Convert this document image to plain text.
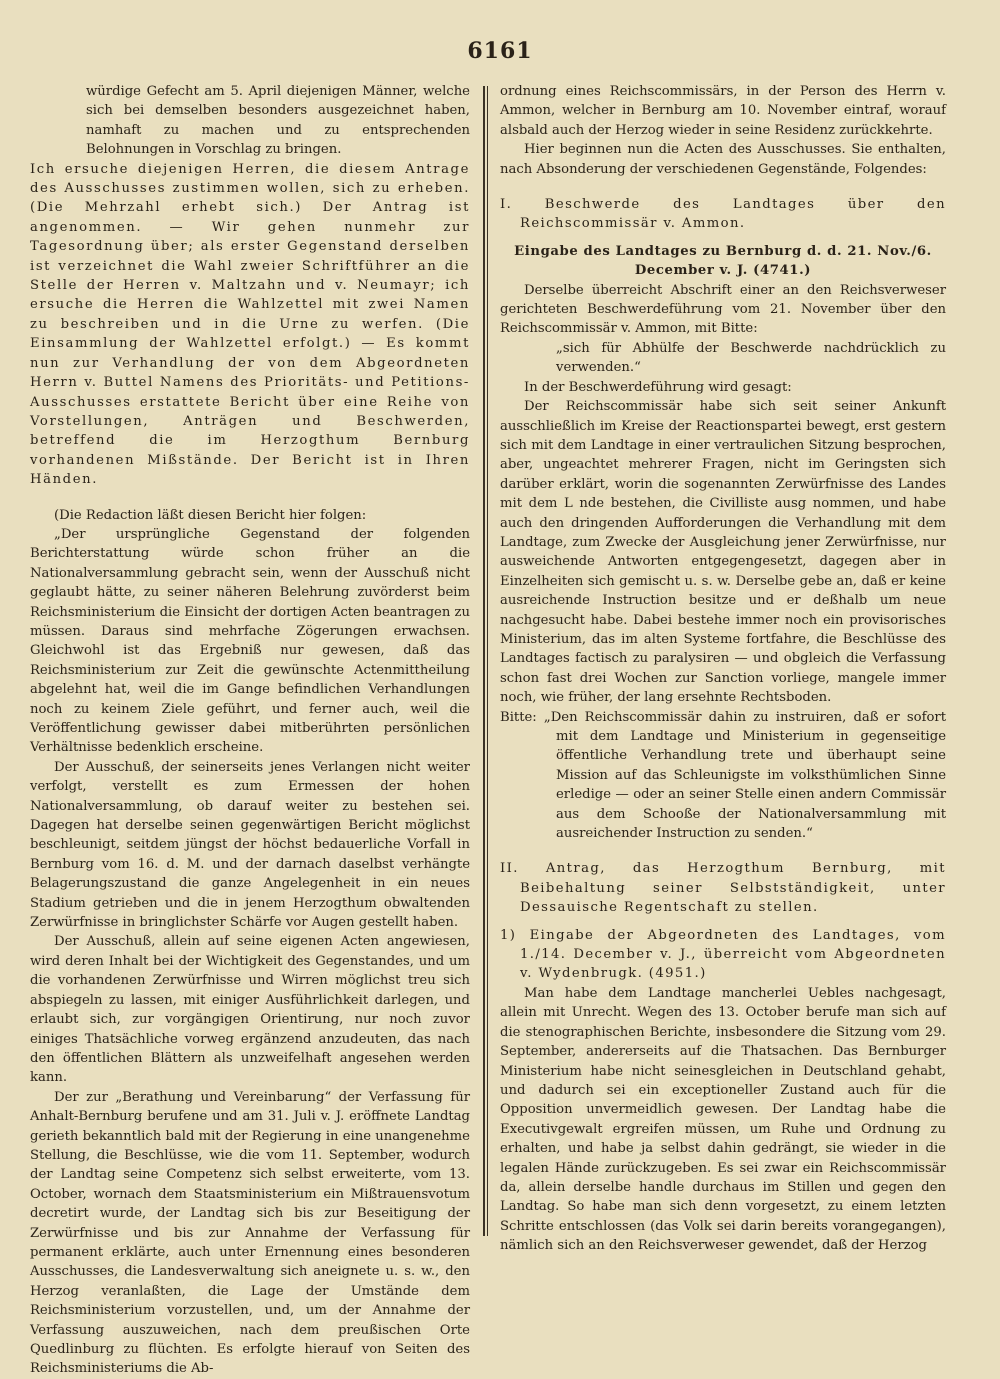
6161

würdige Gefecht am 5. April diejenigen Männer, welche sich bei demselben besonders ausgezeichnet haben, namhaft zu machen und zu entsprechenden Belohnungen in Vorschlag zu bringen.

Ich ersuche diejenigen Herren, die diesem Antrage des Ausschusses zustimmen wollen, sich zu erheben. (Die Mehrzahl erhebt sich.) Der Antrag ist angenommen. — Wir gehen nunmehr zur Tagesordnung über; als erster Gegenstand derselben ist verzeichnet die Wahl zweier Schriftführer an die Stelle der Herren v. Maltzahn und v. Neumayr; ich ersuche die Herren die Wahlzettel mit zwei Namen zu beschreiben und in die Urne zu werfen. (Die Einsammlung der Wahlzettel erfolgt.) — Es kommt nun zur Verhandlung der von dem Abgeordneten Herrn v. Buttel Namens des Prioritäts- und Petitions-Ausschusses erstattete Bericht über eine Reihe von Vorstellungen, Anträgen und Beschwerden, betreffend die im Herzogthum Bernburg vorhandenen Mißstände. Der Bericht ist in Ihren Händen.

(Die Redaction läßt diesen Bericht hier folgen:

„Der ursprüngliche Gegenstand der folgenden Berichterstattung würde schon früher an die Nationalversammlung gebracht sein, wenn der Ausschuß nicht geglaubt hätte, zu seiner näheren Belehrung zuvörderst beim Reichsministerium die Einsicht der dortigen Acten beantragen zu müssen. Daraus sind mehrfache Zögerungen erwachsen. Gleichwohl ist das Ergebniß nur gewesen, daß das Reichsministerium zur Zeit die gewünschte Actenmittheilung abgelehnt hat, weil die im Gange befindlichen Verhandlungen noch zu keinem Ziele geführt, und ferner auch, weil die Veröffentlichung gewisser dabei mitberührten persönlichen Verhältnisse bedenklich erscheine.

Der Ausschuß, der seinerseits jenes Verlangen nicht weiter verfolgt, verstellt es zum Ermessen der hohen Nationalversammlung, ob darauf weiter zu bestehen sei. Dagegen hat derselbe seinen gegenwärtigen Bericht möglichst beschleunigt, seitdem jüngst der höchst bedauerliche Vorfall in Bernburg vom 16. d. M. und der darnach daselbst verhängte Belagerungszustand die ganze Angelegenheit in ein neues Stadium getrieben und die in jenem Herzogthum obwaltenden Zerwürfnisse in bringlichster Schärfe vor Augen gestellt haben.

Der Ausschuß, allein auf seine eigenen Acten angewiesen, wird deren Inhalt bei der Wichtigkeit des Gegenstandes, und um die vorhandenen Zerwürfnisse und Wirren möglichst treu sich abspiegeln zu lassen, mit einiger Ausführlichkeit darlegen, und erlaubt sich, zur vorgängigen Orientirung, nur noch zuvor einiges Thatsächliche vorweg ergänzend anzudeuten, das nach den öffentlichen Blättern als unzweifelhaft angesehen werden kann.

Der zur „Berathung und Vereinbarung“ der Verfassung für Anhalt-Bernburg berufene und am 31. Juli v. J. eröffnete Landtag gerieth bekanntlich bald mit der Regierung in eine unangenehme Stellung, die Beschlüsse, wie die vom 11. September, wodurch der Landtag seine Competenz sich selbst erweiterte, vom 13. October, wornach dem Staatsministerium ein Mißtrauensvotum decretirt wurde, der Landtag sich bis zur Beseitigung der Zerwürfnisse und bis zur Annahme der Verfassung für permanent erklärte, auch unter Ernennung eines besonderen Ausschusses, die Landesverwaltung sich aneignete u. s. w., den Herzog veranlaßten, die Lage der Umstände dem Reichsministerium vorzustellen, und, um der Annahme der Verfassung auszuweichen, nach dem preußischen Orte Quedlinburg zu flüchten. Es erfolgte hierauf von Seiten des Reichsministeriums die Ab-

ordnung eines Reichscommissärs, in der Person des Herrn v. Ammon, welcher in Bernburg am 10. November eintraf, worauf alsbald auch der Herzog wieder in seine Residenz zurückkehrte.

Hier beginnen nun die Acten des Ausschusses. Sie enthalten, nach Absonderung der verschiedenen Gegenstände, Folgendes:

I. Beschwerde des Landtages über den Reichscommissär v. Ammon.

Eingabe des Landtages zu Bernburg d. d. 21. Nov./6. December v. J. (4741.)

Derselbe überreicht Abschrift einer an den Reichsverweser gerichteten Beschwerdeführung vom 21. November über den Reichscommissär v. Ammon, mit Bitte:

„sich für Abhülfe der Beschwerde nachdrücklich zu verwenden.“

In der Beschwerdeführung wird gesagt:

Der Reichscommissär habe sich seit seiner Ankunft ausschließlich im Kreise der Reactionspartei bewegt, erst gestern sich mit dem Landtage in einer vertraulichen Sitzung besprochen, aber, ungeachtet mehrerer Fragen, nicht im Geringsten sich darüber erklärt, worin die sogenannten Zerwürfnisse des Landes mit dem L nde bestehen, die Civilliste ausg nommen, und habe auch den dringenden Aufforderungen die Verhandlung mit dem Landtage, zum Zwecke der Ausgleichung jener Zerwürfnisse, nur ausweichende Antworten entgegengesetzt, dagegen aber in Einzelheiten sich gemischt u. s. w. Derselbe gebe an, daß er keine ausreichende Instruction besitze und er deßhalb um neue nachgesucht habe. Dabei bestehe immer noch ein provisorisches Ministerium, das im alten Systeme fortfahre, die Beschlüsse des Landtages factisch zu paralysiren — und obgleich die Verfassung schon fast drei Wochen zur Sanction vorliege, mangele immer noch, wie früher, der lang ersehnte Rechtsboden.

Bitte: „Den Reichscommissär dahin zu instruiren, daß er sofort mit dem Landtage und Ministerium in gegenseitige öffentliche Verhandlung trete und überhaupt seine Mission auf das Schleunigste im volksthümlichen Sinne erledige — oder an seiner Stelle einen andern Commissär aus dem Schooße der Nationalversammlung mit ausreichender Instruction zu senden.“

II. Antrag, das Herzogthum Bernburg, mit Beibehaltung seiner Selbstständigkeit, unter Dessauische Regentschaft zu stellen.

1) Eingabe der Abgeordneten des Landtages, vom 1./14. December v. J., überreicht vom Abgeordneten v. Wydenbrugk. (4951.)

Man habe dem Landtage mancherlei Uebles nachgesagt, allein mit Unrecht. Wegen des 13. October berufe man sich auf die stenographischen Berichte, insbesondere die Sitzung vom 29. September, andererseits auf die Thatsachen. Das Bernburger Ministerium habe nicht seinesgleichen in Deutschland gehabt, und dadurch sei ein exceptioneller Zustand auch für die Opposition unvermeidlich gewesen. Der Landtag habe die Executivgewalt ergreifen müssen, um Ruhe und Ordnung zu erhalten, und habe ja selbst dahin gedrängt, sie wieder in die legalen Hände zurückzugeben. Es sei zwar ein Reichscommissär da, allein derselbe handle durchaus im Stillen und gegen den Landtag. So habe man sich denn vorgesetzt, zu einem letzten Schritte entschlossen (das Volk sei darin bereits vorangegangen), nämlich sich an den Reichsverweser gewendet, daß der Herzog
